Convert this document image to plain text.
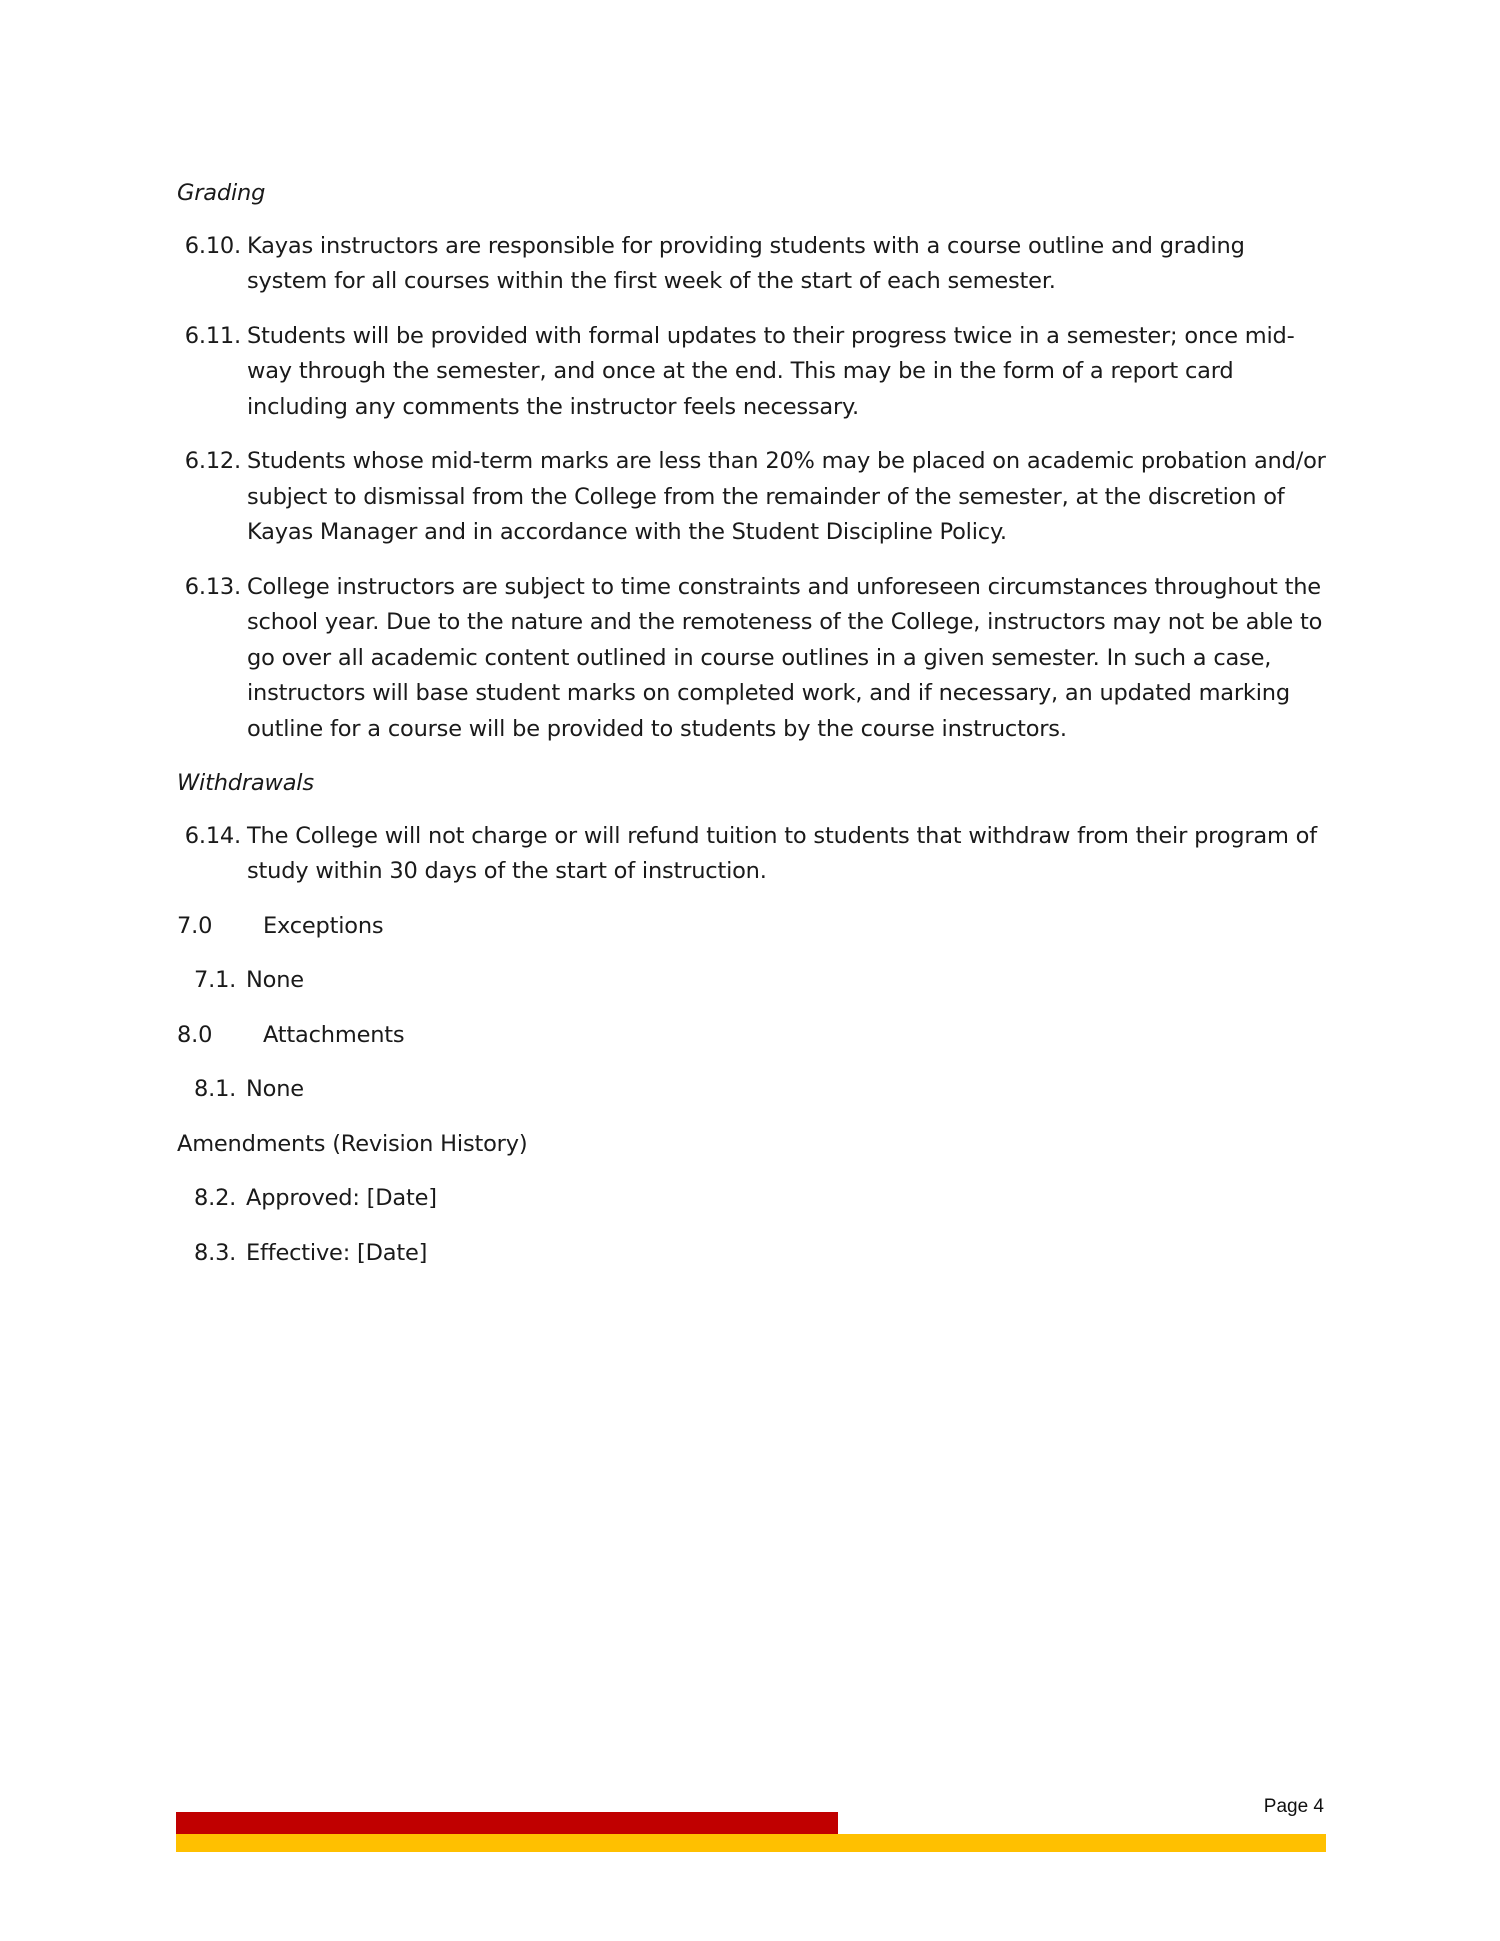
Grading
6.10. Kayas instructors are responsible for providing students with a course outline and grading system for all courses within the first week of the start of each semester.
6.11. Students will be provided with formal updates to their progress twice in a semester; once mid-way through the semester, and once at the end. This may be in the form of a report card including any comments the instructor feels necessary.
6.12. Students whose mid-term marks are less than 20% may be placed on academic probation and/or subject to dismissal from the College from the remainder of the semester, at the discretion of Kayas Manager and in accordance with the Student Discipline Policy.
6.13. College instructors are subject to time constraints and unforeseen circumstances throughout the school year. Due to the nature and the remoteness of the College, instructors may not be able to go over all academic content outlined in course outlines in a given semester. In such a case, instructors will base student marks on completed work, and if necessary, an updated marking outline for a course will be provided to students by the course instructors.
Withdrawals
6.14. The College will not charge or will refund tuition to students that withdraw from their program of study within 30 days of the start of instruction.
7.0	Exceptions
7.1. None
8.0	Attachments
8.1. None
Amendments (Revision History)
8.2. Approved: [Date]
8.3. Effective: [Date]
Page 4
